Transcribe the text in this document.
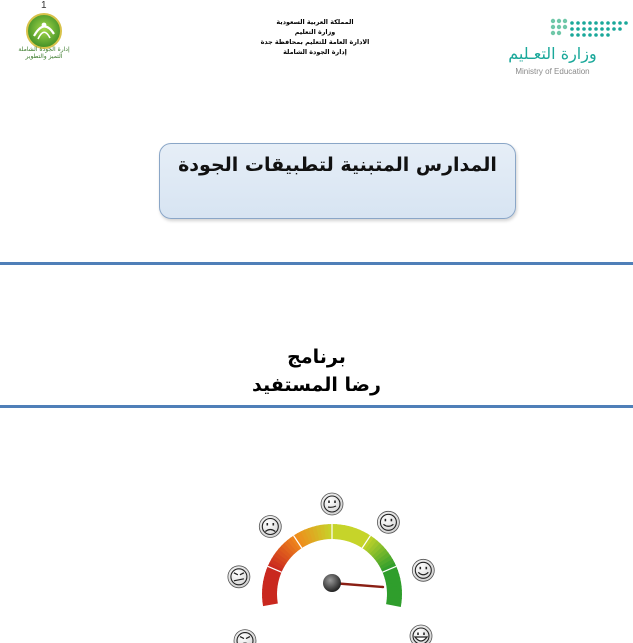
1
إدارة الجودة الشاملة
التميز والتطوير
المملكة العربية السعودية
وزارة التعليم
الادارة العامة للتعليم بمحافظة جدة
إدارة الجودة الشاملة	وزارة التعـليم
Ministry of Education
المدارس المتبنية لتطبيقات الجودة
برنامج
رضا المستفيد
